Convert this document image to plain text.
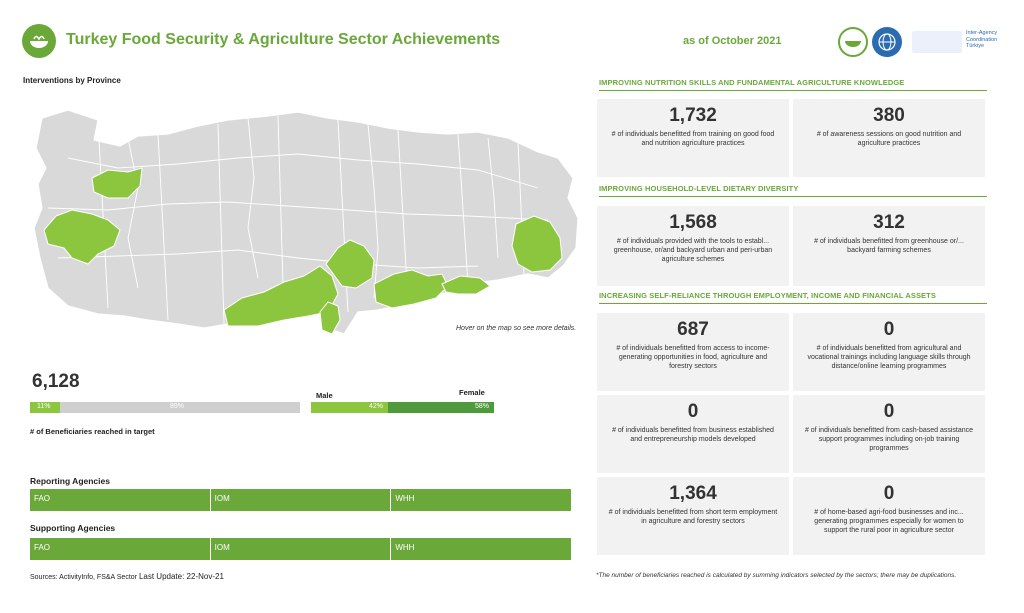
Turkey Food Security & Agriculture Sector Achievements	as of October 2021
Inter-Agency Coordination Türkiye
Interventions by Province
Hover on the map so see more details.
6,128
11%	89%
# of Beneficiaries reached in target
Male	Female
42%	58%
Reporting Agencies
FAO	IOM	WHH
Supporting Agencies
FAO	IOM	WHH
Sources: ActivityInfo, FS&A Sector Last Update: 22-Nov-21
IMPROVING NUTRITION SKILLS AND FUNDAMENTAL AGRICULTURE KNOWLEDGE
1,732
# of individuals benefitted from training on good food and nutrition agriculture practices
380
# of awareness sessions on good nutrition and agriculture practices
IMPROVING HOUSEHOLD-LEVEL DIETARY DIVERSITY
1,568
# of individuals provided with the tools to establ... greenhouse, or/and backyard urban and peri-urban agriculture schemes
312
# of individuals benefitted from greenhouse or/... backyard farming schemes
INCREASING SELF-RELIANCE THROUGH EMPLOYMENT, INCOME AND FINANCIAL ASSETS
687
# of individuals benefitted from access to income-generating opportunities in food, agriculture and forestry sectors
0
# of individuals benefitted from agricultural and vocational trainings including language skills through distance/online learning programmes
0
# of individuals benefitted from business established and entrepreneurship models developed
0
# of individuals benefitted from cash-based assistance support programmes including on-job training programmes
1,364
# of individuals benefitted from short term employment in agriculture and forestry sectors
0
# of home-based agri-food businesses and inc... generating programmes especially for women to support the rural poor in agriculture sector
*The number of beneficiaries reached is calculated by summing indicators selected by the sectors; there may be duplications.
